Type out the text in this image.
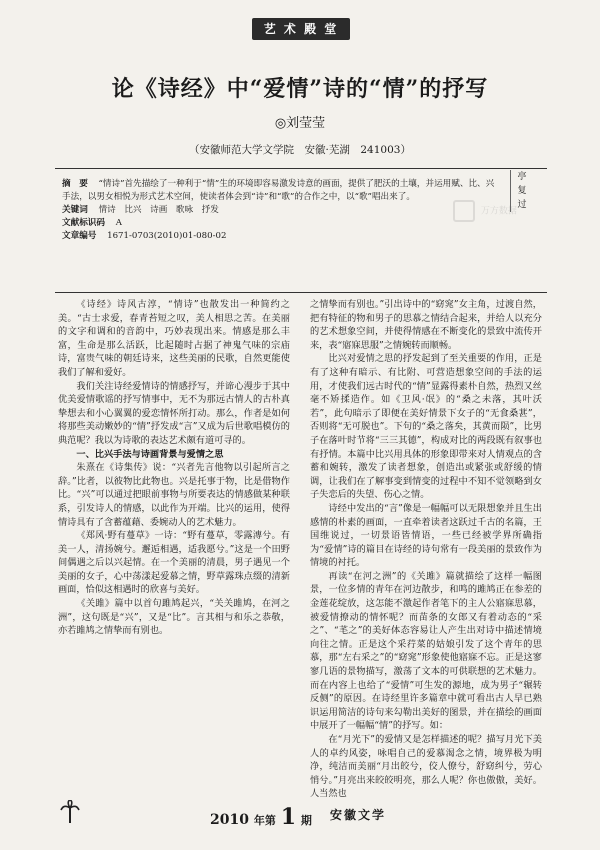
艺 术 殿 堂
论《诗经》中“爱情”诗的“情”的抒写
◎刘莹莹
（安徽师范大学文学院　安徽·芜湖　241003）

摘　要 “情诗”首先描绘了一种利于“情”生的环境即容易激发诗意的画面，提供了肥沃的土壤，并运用赋、比、兴手法，以男女相悦为形式艺术空间，使读者体会到“诗”和“歌”的合作之中，以“歌”唱出来了。

关键词 情诗　比兴　诗画　歌咏　抒发

文献标识码 A

文章编号 1671-0703(2010)01-080-02

万方数据
亭复过

《诗经》诗风古淳，“情诗”也散发出一种简约之美。“古士求爱，春青苔短之叹，美人相思之苦。在美丽的文字和调和的音韵中，巧妙表现出来。情感是那么丰富，生命是那么活跃，比起随时占据了神鬼气味的宗庙诗，富贵气味的朝廷诗来，这些美丽的民歌，自然更能使我们了解和爱好。

我们关注诗经爱情诗的情感抒写，并谛心漫步于其中优美爱情歌谣的抒写情事中，无不为那远古情人的古朴真挚想去和小心翼翼的爱恋情怀所打动。那么，作者是如何将那些美动嫩妙的“情”抒发成“言”又成为后世歌唱模仿的典范呢？我以为诗歌的表达艺术颇有道可寻的。

一、比兴手法与诗画背景与爱情之思

朱熹在《诗集传》说：“兴者先言他物以引起所言之辞。”比者，以彼物比此物也。兴是托事于物，比是借物作比。“兴”可以通过把眼前事物与所要表达的情感做某种联系，引发诗人的情感，以此作为开端。比兴的运用，使得情诗具有了含蓄蕴藉、委婉动人的艺术魅力。

《郑风·野有蔓草》一诗：“野有蔓草，零露漙兮。有美一人，清扬婉兮。邂逅相遇，适我愿兮。”这是一个田野间偶遇之后以兴起情。在一个美丽的清晨，男子遇见一个美丽的女子，心中荡漾起爱慕之情，野草露珠点缀的清新画面，恰似这相遇时的欣喜与美好。

《关雎》篇中以首句雎鸠起兴，“关关雎鸠，在河之洲”，这句既是“兴”，又是“比”。言其相与和乐之恭敬，亦若雎鸠之情挚而有别也。

之情挚而有别也。”引出诗中的“窈窕”女主角，过渡自然，把有特征的物和男子的思慕之情结合起来，并给人以充分的艺术想象空间，并使得情感在不断变化的景致中流传开来，表“寤寐思服”之情婉转而顺畅。

比兴对爱情之思的抒发起到了至关重要的作用，正是有了这种有暗示、有比附、可营造想象空间的手法的运用，才使我们远古时代的“情”显露得素朴自然，热烈又丝毫不矫揉造作。如《卫风·氓》的“桑之未落，其叶沃若”，此句暗示了即便在美好情景下女子的“无食桑葚”，否则将“无可脱也”。下句的“桑之落矣，其黄而陨”，比男子在落叶时节将“三三其德”，构成对比的两段既有叙事也有抒情。本篇中比兴用具体的形象即带来对人情观点的含蓄和婉转，激发了读者想象，创造出或紧张或舒缓的情调，让我们在了解事变到情变的过程中不知不觉领略到女子失恋后的失望、伤心之情。

诗经中发出的“言”像是一幅幅可以无限想象并且生出感情的朴素的画面，一直牵着读者这跃过千古的名篇，王国维说过，一切景语皆情语，一些已经被学界所确指为“爱情”诗的篇目在诗经的诗句常有一段美丽的景致作为情境的衬托。

再读“在河之洲”的《关雎》篇就描绘了这样一幅图景，一位多情的青年在河边散步，和鸣的雎鸠正在参差的金莲花绽放，这怎能不激起作者笔下的主人公寤寐思慕，被爱情撩动的情怀呢？而苗条的女郎又有着动态的“采之”、“芼之”的美好体态容易让人产生出对诗中描述情境向往之情。正是这个采荇菜的姑娘引发了这个青年的思慕，那“左右采之”的“窈窕”形象使他寤寐不忘。正是这寥寥几语的景物描写，激荡了文本的可供联想的艺术魅力。而在内容上也给了“爱情”可生发的源地，成为男子“辗转反侧”的原因。在诗经里许多篇章中就可看出古人早已熟识运用简洁的诗句来勾勒出美好的图景，并在描绘的画面中展开了一幅幅“情”的抒写。如：

在“月光下”的爱情又是怎样描述的呢？描写月光下美人的卓约风姿，咏唱自己的爱慕渴念之情，境界极为明净，纯洁而美丽“月出皎兮，佼人僚兮，舒窈纠兮，劳心悄兮。”月亮出来皎皎明亮，那么人呢？你也傲傲，美好。人当然也

2010 年第 1 期 安徽文学
